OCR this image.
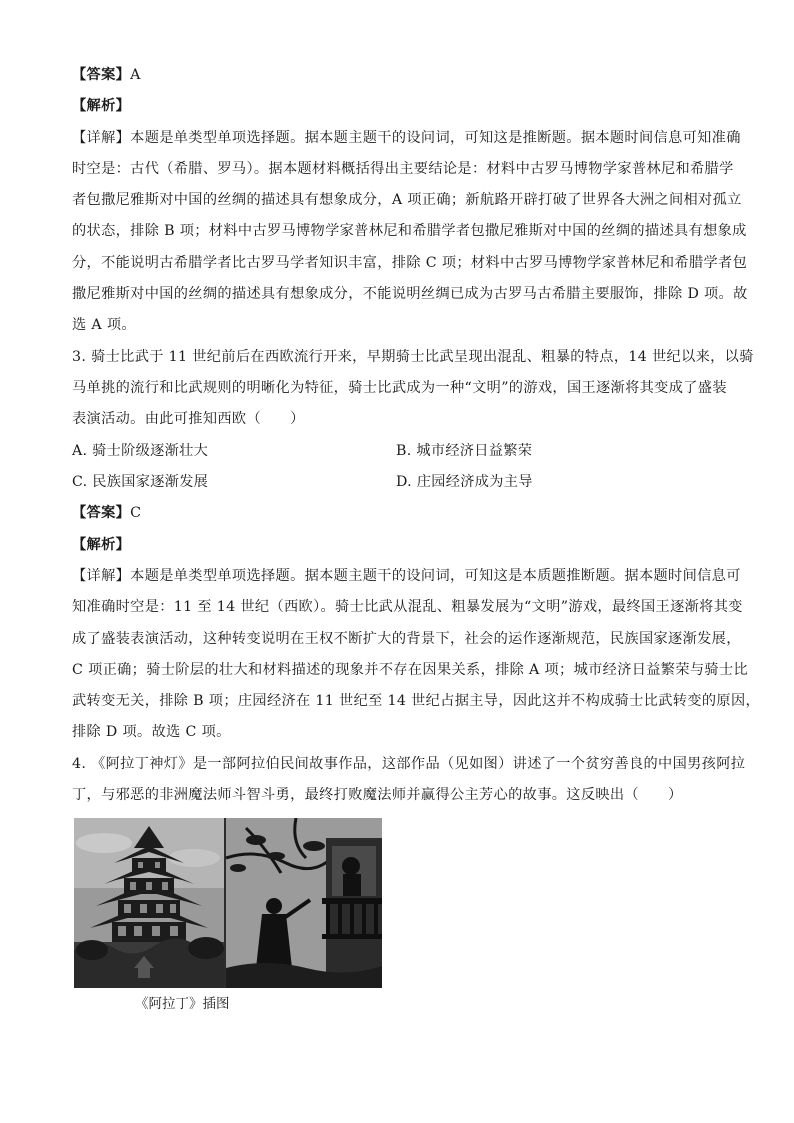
【答案】A
【解析】
【详解】本题是单类型单项选择题。据本题主题干的设问词，可知这是推断题。据本题时间信息可知准确
时空是：古代（希腊、罗马）。据本题材料概括得出主要结论是：材料中古罗马博物学家普林尼和希腊学
者包撒尼雅斯对中国的丝绸的描述具有想象成分，A 项正确；新航路开辟打破了世界各大洲之间相对孤立
的状态，排除 B 项；材料中古罗马博物学家普林尼和希腊学者包撒尼雅斯对中国的丝绸的描述具有想象成
分，不能说明古希腊学者比古罗马学者知识丰富，排除 C 项；材料中古罗马博物学家普林尼和希腊学者包
撒尼雅斯对中国的丝绸的描述具有想象成分，不能说明丝绸已成为古罗马古希腊主要服饰，排除 D 项。故
选 A 项。
3. 骑士比武于 11 世纪前后在西欧流行开来，早期骑士比武呈现出混乱、粗暴的特点，14 世纪以来，以骑
马单挑的流行和比武规则的明晰化为特征，骑士比武成为一种“文明”的游戏，国王逐渐将其变成了盛装
表演活动。由此可推知西欧（　　）
A. 骑士阶级逐渐壮大	B. 城市经济日益繁荣
C. 民族国家逐渐发展	D. 庄园经济成为主导
【答案】C
【解析】
【详解】本题是单类型单项选择题。据本题主题干的设问词，可知这是本质题推断题。据本题时间信息可
知准确时空是：11 至 14 世纪（西欧）。骑士比武从混乱、粗暴发展为“文明”游戏，最终国王逐渐将其变
成了盛装表演活动，这种转变说明在王权不断扩大的背景下，社会的运作逐渐规范，民族国家逐渐发展，
C 项正确；骑士阶层的壮大和材料描述的现象并不存在因果关系，排除 A 项；城市经济日益繁荣与骑士比
武转变无关，排除 B 项；庄园经济在 11 世纪至 14 世纪占据主导，因此这并不构成骑士比武转变的原因，
排除 D 项。故选 C 项。
4. 《阿拉丁神灯》是一部阿拉伯民间故事作品，这部作品（见如图）讲述了一个贫穷善良的中国男孩阿拉
丁，与邪恶的非洲魔法师斗智斗勇，最终打败魔法师并赢得公主芳心的故事。这反映出（　　）
《阿拉丁》插图
